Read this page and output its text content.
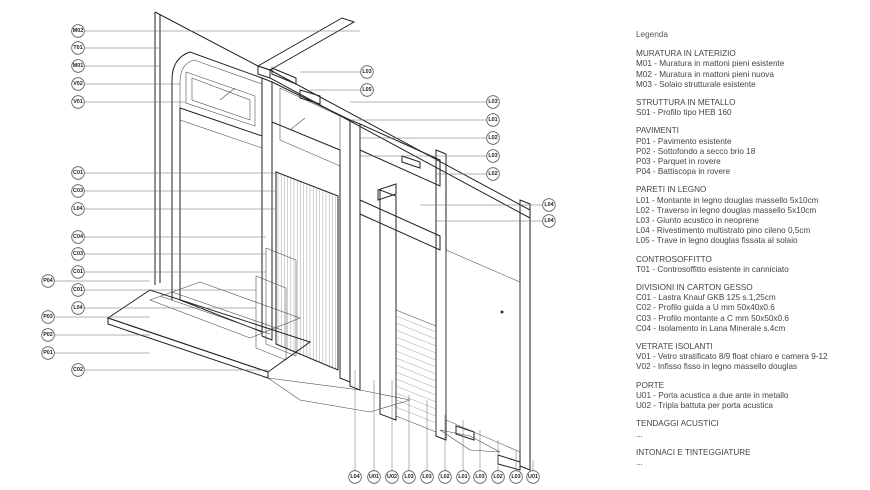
M02
T01
M01
V02
V01
C01
C03
L04
C04
C03
C01
P04
C01
L04
P03
P02
P01
C02
L03
L05
L03
L01
L02
L03
L02
L04
L04
L04 U01 U02 L03 L03 L02 L01 L03 L02 L03 U01
Legenda
MURATURA IN LATERIZIO
M01 - Muratura in mattoni pieni esistente
M02 - Muratura in mattoni pieni nuova
M03 - Solaio strutturale esistente
STRUTTURA IN METALLO
S01 - Profilo tipo HEB 160
PAVIMENTI
P01 - Pavimento esistente
P02 - Sottofondo a secco brio 18
P03 - Parquet in rovere
P04 - Battiscopa in rovere
PARETI IN LEGNO
L01 - Montante in legno douglas massello 5x10cm
L02 - Traverso in legno douglas massello 5x10cm
L03 - Giunto acustico in neoprene
L04 - Rivestimento multistrato pino cileno 0,5cm
L05 - Trave in legno douglas fissata al solaio
CONTROSOFFITTO
T01 - Controsoffitto esistente in canniciato
DIVISIONI IN CARTON GESSO
C01 - Lastra Knauf GKB 125 s.1,25cm
C02 - Profilo guida a U mm 50x40x0.6
C03 - Profilo montante a C mm 50x50x0.6
C04 - Isolamento in Lana Minerale s.4cm
VETRATE ISOLANTI
V01 - Vetro stratificato 8/9 float chiaro e camera 9-12
V02 - Infisso fisso in legno massello douglas
PORTE
U01 - Porta acustica a due ante in metallo
U02 - Tripla battuta per porta acustica
TENDAGGI ACUSTICI
...
INTONACI E TINTEGGIATURE
...
